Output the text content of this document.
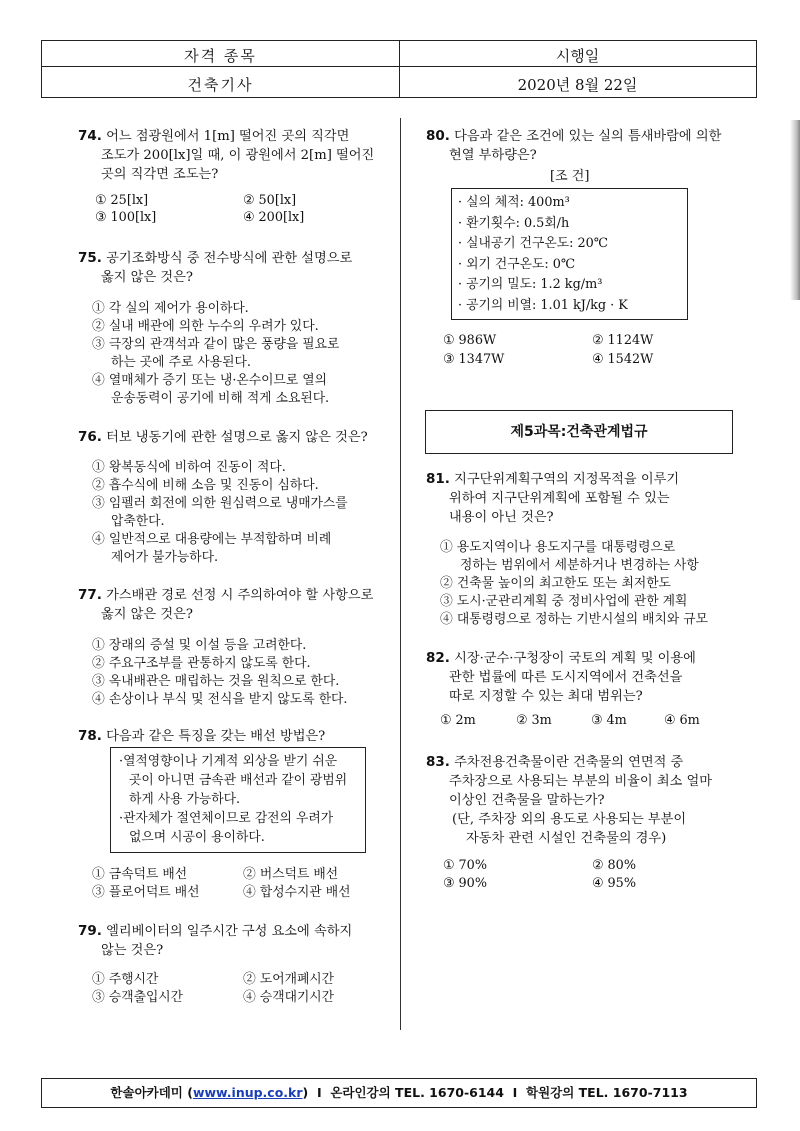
자격 종목	시행일
건축기사	2020년 8월 22일
74. 어느 점광원에서 1[m] 떨어진 곳의 직각면
조도가 200[lx]일 때, 이 광원에서 2[m] 떨어진
곳의 직각면 조도는?
① 25[lx]	② 50[lx]
③ 100[lx]	④ 200[lx]
75. 공기조화방식 중 전수방식에 관한 설명으로
옳지 않은 것은?
① 각 실의 제어가 용이하다.
② 실내 배관에 의한 누수의 우려가 있다.
③ 극장의 관객석과 같이 많은 풍량을 필요로
하는 곳에 주로 사용된다.
④ 열매체가 증기 또는 냉·온수이므로 열의
운송동력이 공기에 비해 적게 소요된다.
76. 터보 냉동기에 관한 설명으로 옳지 않은 것은?
① 왕복동식에 비하여 진동이 적다.
② 흡수식에 비해 소음 및 진동이 심하다.
③ 임펠러 회전에 의한 원심력으로 냉매가스를
압축한다.
④ 일반적으로 대용량에는 부적합하며 비례
제어가 불가능하다.
77. 가스배관 경로 선정 시 주의하여야 할 사항으로
옳지 않은 것은?
① 장래의 증설 및 이설 등을 고려한다.
② 주요구조부를 관통하지 않도록 한다.
③ 옥내배관은 매립하는 것을 원칙으로 한다.
④ 손상이나 부식 및 전식을 받지 않도록 한다.
78. 다음과 같은 특징을 갖는 배선 방법은?
·열적영향이나 기계적 외상을 받기 쉬운
곳이 아니면 금속관 배선과 같이 광범위
하게 사용 가능하다.
·관자체가 절연체이므로 감전의 우려가
없으며 시공이 용이하다.
① 금속덕트 배선	② 버스덕트 배선
③ 플로어덕트 배선	④ 합성수지관 배선
79. 엘리베이터의 일주시간 구성 요소에 속하지
않는 것은?
① 주행시간	② 도어개폐시간
③ 승객출입시간	④ 승객대기시간
80. 다음과 같은 조건에 있는 실의 틈새바람에 의한
현열 부하량은?
[조 건]
· 실의 체적: 400m³
· 환기횟수: 0.5회/h
· 실내공기 건구온도: 20℃
· 외기 건구온도: 0℃
· 공기의 밀도: 1.2 kg/m³
· 공기의 비열: 1.01 kJ/kg · K
① 986W	② 1124W
③ 1347W	④ 1542W
제5과목:건축관계법규
81. 지구단위계획구역의 지정목적을 이루기
위하여 지구단위계획에 포함될 수 있는
내용이 아닌 것은?
① 용도지역이나 용도지구를 대통령령으로
정하는 범위에서 세분하거나 변경하는 사항
② 건축물 높이의 최고한도 또는 최저한도
③ 도시·군관리계획 중 정비사업에 관한 계획
④ 대통령령으로 정하는 기반시설의 배치와 규모
82. 시장·군수·구청장이 국토의 계획 및 이용에
관한 법률에 따른 도시지역에서 건축선을
따로 지정할 수 있는 최대 범위는?
① 2m	② 3m	③ 4m	④ 6m
83. 주차전용건축물이란 건축물의 연면적 중
주차장으로 사용되는 부분의 비율이 최소 얼마
이상인 건축물을 말하는가?
(단, 주차장 외의 용도로 사용되는 부분이
자동차 관련 시설인 건축물의 경우)
① 70%	② 80%
③ 90%	④ 95%
한솔아카데미 (www.inup.co.kr)  I  온라인강의 TEL. 1670-6144  I  학원강의 TEL. 1670-7113
